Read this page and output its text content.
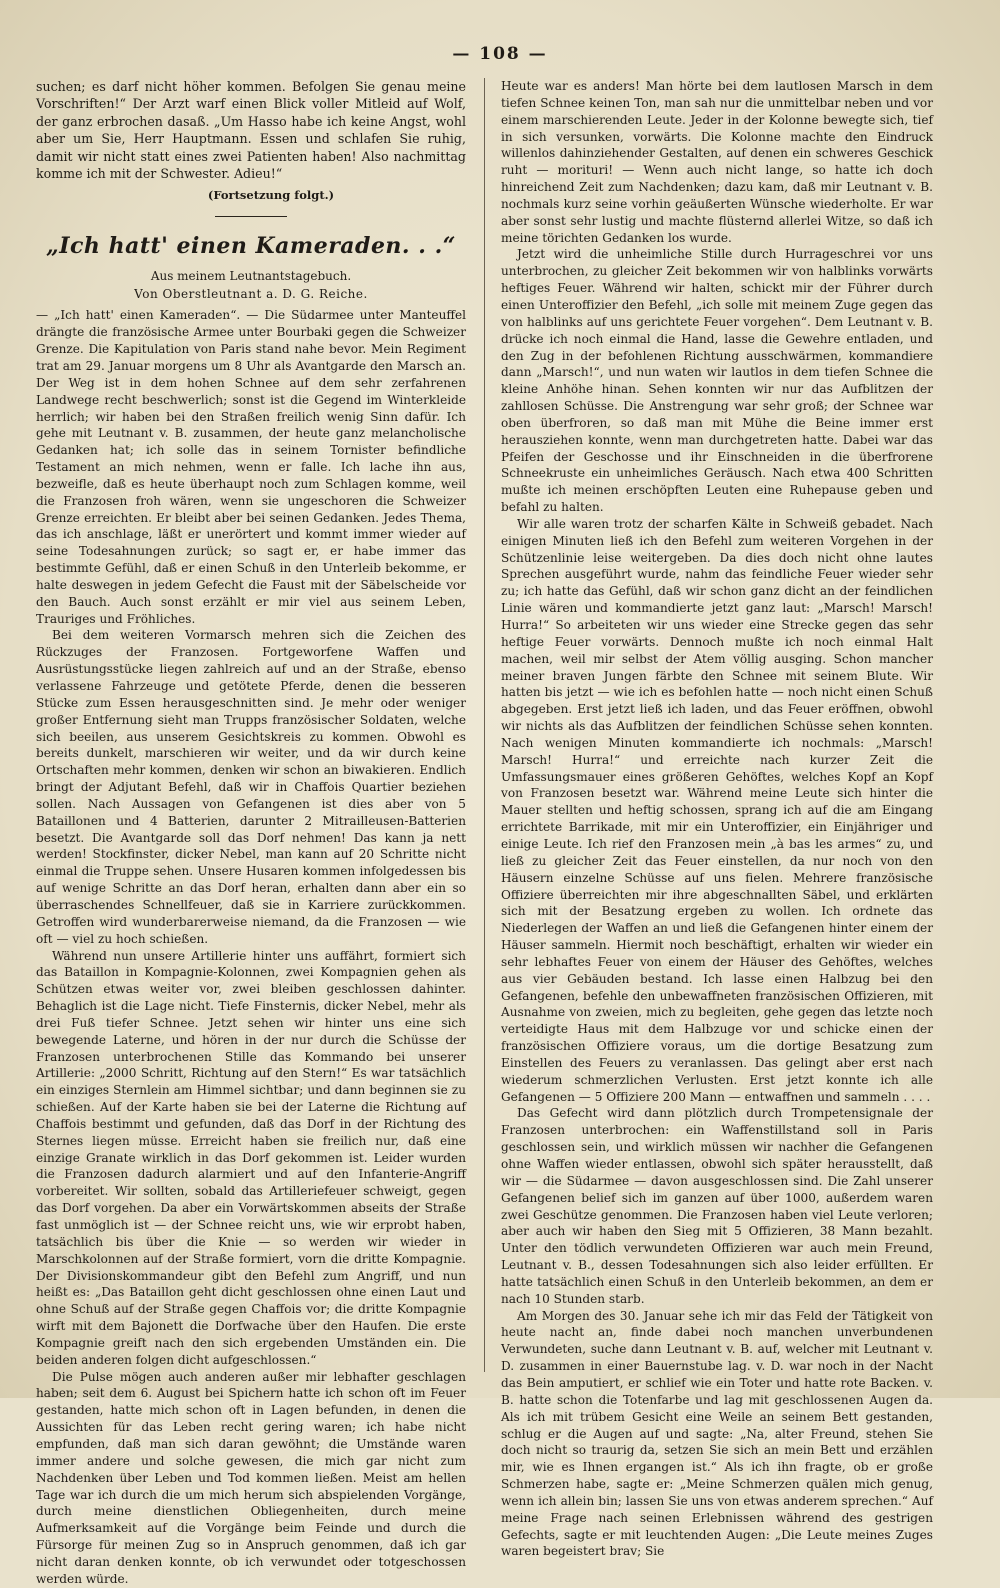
— 108 —

suchen; es darf nicht höher kommen. Befolgen Sie genau meine Vorschriften!“ Der Arzt warf einen Blick voller Mitleid auf Wolf, der ganz erbrochen dasaß. „Um Hasso habe ich keine Angst, wohl aber um Sie, Herr Hauptmann. Essen und schlafen Sie ruhig, damit wir nicht statt eines zwei Patienten haben! Also nachmittag komme ich mit der Schwester. Adieu!“

(Fortsetzung folgt.)
„Ich hatt' einen Kameraden. . .“
Aus meinem Leutnantstagebuch.
Von Oberstleutnant a. D. G. Reiche.

— „Ich hatt' einen Kameraden“. — Die Südarmee unter Manteuffel drängte die französische Armee unter Bourbaki gegen die Schweizer Grenze. Die Kapitulation von Paris stand nahe bevor. Mein Regiment trat am 29. Januar morgens um 8 Uhr als Avantgarde den Marsch an. Der Weg ist in dem hohen Schnee auf dem sehr zerfahrenen Landwege recht beschwerlich; sonst ist die Gegend im Winterkleide herrlich; wir haben bei den Straßen freilich wenig Sinn dafür. Ich gehe mit Leutnant v. B. zusammen, der heute ganz melancholische Gedanken hat; ich solle das in seinem Tornister befindliche Testament an mich nehmen, wenn er falle. Ich lache ihn aus, bezweifle, daß es heute überhaupt noch zum Schlagen komme, weil die Franzosen froh wären, wenn sie ungeschoren die Schweizer Grenze erreichten. Er bleibt aber bei seinen Gedanken. Jedes Thema, das ich anschlage, läßt er unerörtert und kommt immer wieder auf seine Todesahnungen zurück; so sagt er, er habe immer das bestimmte Gefühl, daß er einen Schuß in den Unterleib bekomme, er halte deswegen in jedem Gefecht die Faust mit der Säbelscheide vor den Bauch. Auch sonst erzählt er mir viel aus seinem Leben, Trauriges und Fröhliches.

Bei dem weiteren Vormarsch mehren sich die Zeichen des Rückzuges der Franzosen. Fortgeworfene Waffen und Ausrüstungsstücke liegen zahlreich auf und an der Straße, ebenso verlassene Fahrzeuge und getötete Pferde, denen die besseren Stücke zum Essen herausgeschnitten sind. Je mehr oder weniger großer Entfernung sieht man Trupps französischer Soldaten, welche sich beeilen, aus unserem Gesichtskreis zu kommen. Obwohl es bereits dunkelt, marschieren wir weiter, und da wir durch keine Ortschaften mehr kommen, denken wir schon an biwakieren. Endlich bringt der Adjutant Befehl, daß wir in Chaffois Quartier beziehen sollen. Nach Aussagen von Gefangenen ist dies aber von 5 Bataillonen und 4 Batterien, darunter 2 Mitrailleusen-Batterien besetzt. Die Avantgarde soll das Dorf nehmen! Das kann ja nett werden! Stockfinster, dicker Nebel, man kann auf 20 Schritte nicht einmal die Truppe sehen. Unsere Husaren kommen infolgedessen bis auf wenige Schritte an das Dorf heran, erhalten dann aber ein so überraschendes Schnellfeuer, daß sie in Karriere zurückkommen. Getroffen wird wunderbarerweise niemand, da die Franzosen — wie oft — viel zu hoch schießen.

Während nun unsere Artillerie hinter uns auffährt, formiert sich das Bataillon in Kompagnie-Kolonnen, zwei Kompagnien gehen als Schützen etwas weiter vor, zwei bleiben geschlossen dahinter. Behaglich ist die Lage nicht. Tiefe Finsternis, dicker Nebel, mehr als drei Fuß tiefer Schnee. Jetzt sehen wir hinter uns eine sich bewegende Laterne, und hören in der nur durch die Schüsse der Franzosen unterbrochenen Stille das Kommando bei unserer Artillerie: „2000 Schritt, Richtung auf den Stern!“ Es war tatsächlich ein einziges Sternlein am Himmel sichtbar; und dann beginnen sie zu schießen. Auf der Karte haben sie bei der Laterne die Richtung auf Chaffois bestimmt und gefunden, daß das Dorf in der Richtung des Sternes liegen müsse. Erreicht haben sie freilich nur, daß eine einzige Granate wirklich in das Dorf gekommen ist. Leider wurden die Franzosen dadurch alarmiert und auf den Infanterie-Angriff vorbereitet. Wir sollten, sobald das Artilleriefeuer schweigt, gegen das Dorf vorgehen. Da aber ein Vorwärtskommen abseits der Straße fast unmöglich ist — der Schnee reicht uns, wie wir erprobt haben, tatsächlich bis über die Knie — so werden wir wieder in Marschkolonnen auf der Straße formiert, vorn die dritte Kompagnie. Der Divisionskommandeur gibt den Befehl zum Angriff, und nun heißt es: „Das Bataillon geht dicht geschlossen ohne einen Laut und ohne Schuß auf der Straße gegen Chaffois vor; die dritte Kompagnie wirft mit dem Bajonett die Dorfwache über den Haufen. Die erste Kompagnie greift nach den sich ergebenden Umständen ein. Die beiden anderen folgen dicht aufgeschlossen.“

Die Pulse mögen auch anderen außer mir lebhafter geschlagen haben; seit dem 6. August bei Spichern hatte ich schon oft im Feuer gestanden, hatte mich schon oft in Lagen befunden, in denen die Aussichten für das Leben recht gering waren; ich habe nicht empfunden, daß man sich daran gewöhnt; die Umstände waren immer andere und solche gewesen, die mich gar nicht zum Nachdenken über Leben und Tod kommen ließen. Meist am hellen Tage war ich durch die um mich herum sich abspielenden Vorgänge, durch meine dienstlichen Obliegenheiten, durch meine Aufmerksamkeit auf die Vorgänge beim Feinde und durch die Fürsorge für meinen Zug so in Anspruch genommen, daß ich gar nicht daran denken konnte, ob ich verwundet oder totgeschossen werden würde.

Heute war es anders! Man hörte bei dem lautlosen Marsch in dem tiefen Schnee keinen Ton, man sah nur die unmittelbar neben und vor einem marschierenden Leute. Jeder in der Kolonne bewegte sich, tief in sich versunken, vorwärts. Die Kolonne machte den Eindruck willenlos dahinziehender Gestalten, auf denen ein schweres Geschick ruht — morituri! — Wenn auch nicht lange, so hatte ich doch hinreichend Zeit zum Nachdenken; dazu kam, daß mir Leutnant v. B. nochmals kurz seine vorhin geäußerten Wünsche wiederholte. Er war aber sonst sehr lustig und machte flüsternd allerlei Witze, so daß ich meine törichten Gedanken los wurde.

Jetzt wird die unheimliche Stille durch Hurrageschrei vor uns unterbrochen, zu gleicher Zeit bekommen wir von halblinks vorwärts heftiges Feuer. Während wir halten, schickt mir der Führer durch einen Unteroffizier den Befehl, „ich solle mit meinem Zuge gegen das von halblinks auf uns gerichtete Feuer vorgehen“. Dem Leutnant v. B. drücke ich noch einmal die Hand, lasse die Gewehre entladen, und den Zug in der befohlenen Richtung ausschwärmen, kommandiere dann „Marsch!“, und nun waten wir lautlos in dem tiefen Schnee die kleine Anhöhe hinan. Sehen konnten wir nur das Aufblitzen der zahllosen Schüsse. Die Anstrengung war sehr groß; der Schnee war oben überfroren, so daß man mit Mühe die Beine immer erst herausziehen konnte, wenn man durchgetreten hatte. Dabei war das Pfeifen der Geschosse und ihr Einschneiden in die überfrorene Schneekruste ein unheimliches Geräusch. Nach etwa 400 Schritten mußte ich meinen erschöpften Leuten eine Ruhepause geben und befahl zu halten.

Wir alle waren trotz der scharfen Kälte in Schweiß gebadet. Nach einigen Minuten ließ ich den Befehl zum weiteren Vorgehen in der Schützenlinie leise weitergeben. Da dies doch nicht ohne lautes Sprechen ausgeführt wurde, nahm das feindliche Feuer wieder sehr zu; ich hatte das Gefühl, daß wir schon ganz dicht an der feindlichen Linie wären und kommandierte jetzt ganz laut: „Marsch! Marsch! Hurra!“ So arbeiteten wir uns wieder eine Strecke gegen das sehr heftige Feuer vorwärts. Dennoch mußte ich noch einmal Halt machen, weil mir selbst der Atem völlig ausging. Schon mancher meiner braven Jungen färbte den Schnee mit seinem Blute. Wir hatten bis jetzt — wie ich es befohlen hatte — noch nicht einen Schuß abgegeben. Erst jetzt ließ ich laden, und das Feuer eröffnen, obwohl wir nichts als das Aufblitzen der feindlichen Schüsse sehen konnten. Nach wenigen Minuten kommandierte ich nochmals: „Marsch! Marsch! Hurra!“ und erreichte nach kurzer Zeit die Umfassungsmauer eines größeren Gehöftes, welches Kopf an Kopf von Franzosen besetzt war. Während meine Leute sich hinter die Mauer stellten und heftig schossen, sprang ich auf die am Eingang errichtete Barrikade, mit mir ein Unteroffizier, ein Einjähriger und einige Leute. Ich rief den Franzosen mein „à bas les armes“ zu, und ließ zu gleicher Zeit das Feuer einstellen, da nur noch von den Häusern einzelne Schüsse auf uns fielen. Mehrere französische Offiziere überreichten mir ihre abgeschnallten Säbel, und erklärten sich mit der Besatzung ergeben zu wollen. Ich ordnete das Niederlegen der Waffen an und ließ die Gefangenen hinter einem der Häuser sammeln. Hiermit noch beschäftigt, erhalten wir wieder ein sehr lebhaftes Feuer von einem der Häuser des Gehöftes, welches aus vier Gebäuden bestand. Ich lasse einen Halbzug bei den Gefangenen, befehle den unbewaffneten französischen Offizieren, mit Ausnahme von zweien, mich zu begleiten, gehe gegen das letzte noch verteidigte Haus mit dem Halbzuge vor und schicke einen der französischen Offiziere voraus, um die dortige Besatzung zum Einstellen des Feuers zu veranlassen. Das gelingt aber erst nach wiederum schmerzlichen Verlusten. Erst jetzt konnte ich alle Gefangenen — 5 Offiziere 200 Mann — entwaffnen und sammeln . . . .

Das Gefecht wird dann plötzlich durch Trompetensignale der Franzosen unterbrochen: ein Waffenstillstand soll in Paris geschlossen sein, und wirklich müssen wir nachher die Gefangenen ohne Waffen wieder entlassen, obwohl sich später herausstellt, daß wir — die Südarmee — davon ausgeschlossen sind. Die Zahl unserer Gefangenen belief sich im ganzen auf über 1000, außerdem waren zwei Geschütze genommen. Die Franzosen haben viel Leute verloren; aber auch wir haben den Sieg mit 5 Offizieren, 38 Mann bezahlt. Unter den tödlich verwundeten Offizieren war auch mein Freund, Leutnant v. B., dessen Todesahnungen sich also leider erfüllten. Er hatte tatsächlich einen Schuß in den Unterleib bekommen, an dem er nach 10 Stunden starb.

Am Morgen des 30. Januar sehe ich mir das Feld der Tätigkeit von heute nacht an, finde dabei noch manchen unverbundenen Verwundeten, suche dann Leutnant v. B. auf, welcher mit Leutnant v. D. zusammen in einer Bauernstube lag. v. D. war noch in der Nacht das Bein amputiert, er schlief wie ein Toter und hatte rote Backen. v. B. hatte schon die Totenfarbe und lag mit geschlossenen Augen da. Als ich mit trübem Gesicht eine Weile an seinem Bett gestanden, schlug er die Augen auf und sagte: „Na, alter Freund, stehen Sie doch nicht so traurig da, setzen Sie sich an mein Bett und erzählen mir, wie es Ihnen ergangen ist.“ Als ich ihn fragte, ob er große Schmerzen habe, sagte er: „Meine Schmerzen quälen mich genug, wenn ich allein bin; lassen Sie uns von etwas anderem sprechen.“ Auf meine Frage nach seinen Erlebnissen während des gestrigen Gefechts, sagte er mit leuchtenden Augen: „Die Leute meines Zuges waren begeistert brav; Sie
